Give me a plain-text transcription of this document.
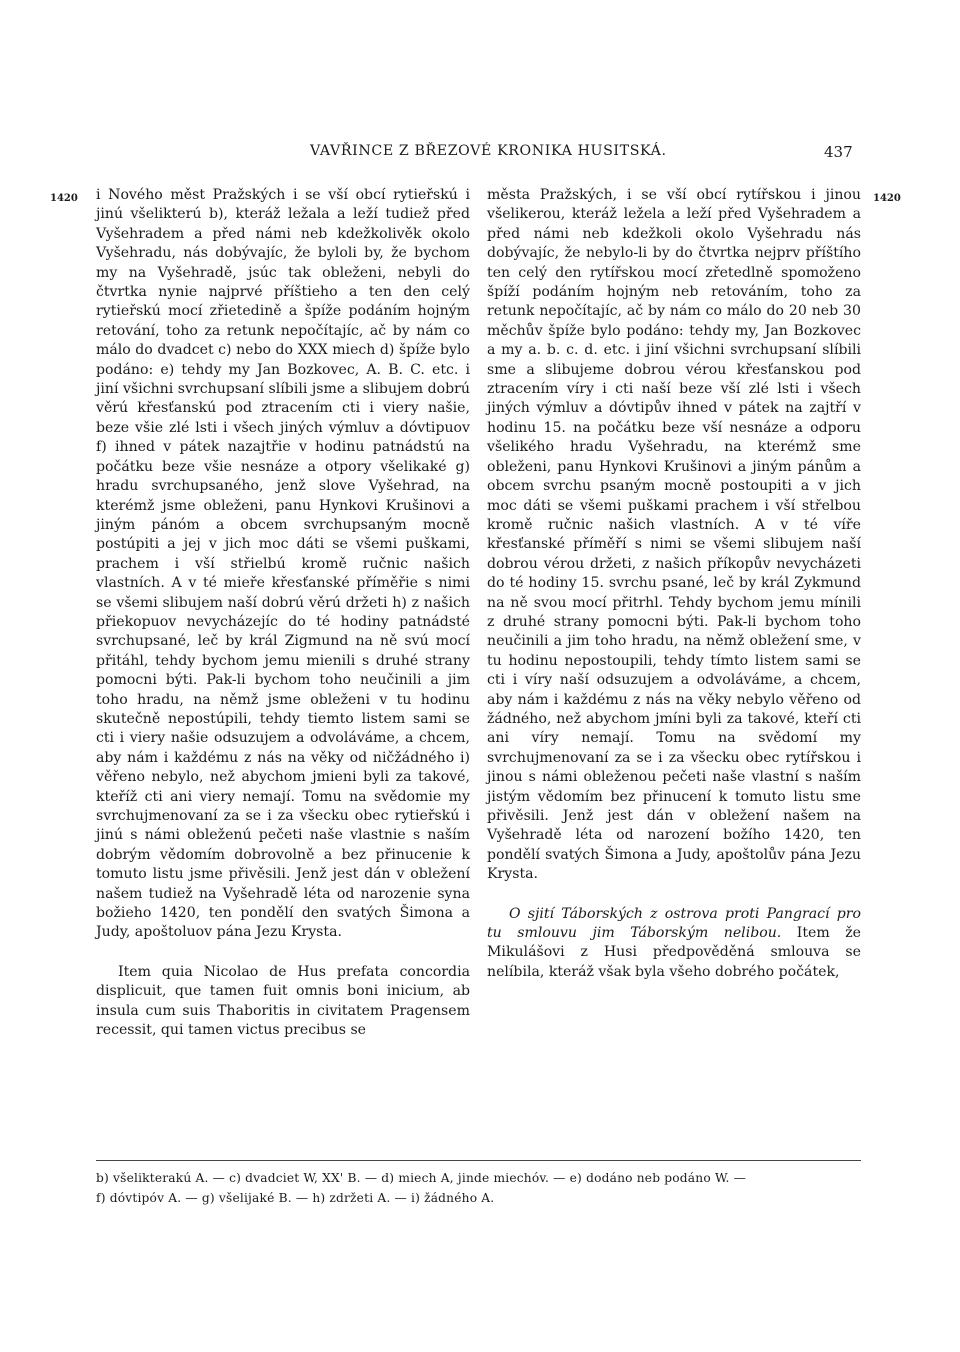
VAVŘINCE Z BŘEZOVÉ KRONIKA HUSITSKÁ.	437
1420	1420

i Nového měst Pražských i se vší obcí rytieřskú i jinú všelikterú b), kteráž ležala a leží tudiež před Vyšehradem a před námi neb kdežkolivěk okolo Vyšehradu, nás dobývajíc, že byloli by, že bychom my na Vyšehradě, jsúc tak obleženi, nebyli do čtvrtka nynie najprvé příštieho a ten den celý rytieřskú mocí zřietedině a špíže podáním hojným retování, toho za retunk nepočítajíc, ač by nám co málo do dvadcet c) nebo do XXX miech d) špíže bylo podáno: e) tehdy my Jan Bozkovec, A. B. C. etc. i jiní všichni svrchupsaní slíbili jsme a slibujem dobrú věrú křesťanskú pod ztracením cti i viery našie, beze všie zlé lsti i všech jiných výmluv a dóvtipuov f) ihned v pátek nazajtřie v hodinu patnádstú na počátku beze všie nesnáze a otpory všelikaké g) hradu svrchupsaného, jenž slove Vyšehrad, na kterémž jsme obleženi, panu Hynkovi Krušinovi a jiným pánóm a obcem svrchupsaným mocně postúpiti a jej v jich moc dáti se všemi puškami, prachem i vší střielbú kromě ručnic našich vlastních. A v té mieře křesťanské příměřie s nimi se všemi slibujem naší dobrú věrú držeti h) z našich přiekopuov nevycházejíc do té hodiny patnádsté svrchupsané, leč by král Zigmund na ně svú mocí přitáhl, tehdy bychom jemu mienili s druhé strany pomocni býti. Pak-li bychom toho neučinili a jim toho hradu, na němž jsme obleženi v tu hodinu skutečně nepostúpili, tehdy tiemto listem sami se cti i viery našie odsuzujem a odvoláváme, a chcem, aby nám i každému z nás na věky od ničžádného i) věřeno nebylo, než abychom jmieni byli za takové, kteříž cti ani viery nemají. Tomu na svědomie my svrchujmenovaní za se i za všecku obec rytieřskú i jinú s námi obleženú pečeti naše vlastnie s naším dobrým vědomím dobrovolně a bez přinucenie k tomuto listu jsme přivěsili. Jenž jest dán v obležení našem tudiež na Vyšehradě léta od narozenie syna božieho 1420, ten pondělí den svatých Šimona a Judy, apoštoluov pána Jezu Krysta.

Item quia Nicolao de Hus prefata concordia displicuit, que tamen fuit omnis boni inicium, ab insula cum suis Thaboritis in civitatem Pragensem recessit, qui tamen victus precibus se

města Pražských, i se vší obcí rytířskou i jinou všelikerou, kteráž ležela a leží před Vyšehradem a před námi neb kdežkoli okolo Vyšehradu nás dobývajíc, že nebylo-li by do čtvrtka nejprv příštího ten celý den rytířskou mocí zřetedlně spomoženo špíží podáním hojným neb retováním, toho za retunk nepočítajíc, ač by nám co málo do 20 neb 30 měchův špíže bylo podáno: tehdy my, Jan Bozkovec a my a. b. c. d. etc. i jiní všichni svrchupsaní slíbili sme a slibujeme dobrou vérou křesťanskou pod ztracením víry i cti naší beze vší zlé lsti i všech jiných výmluv a dóvtipův ihned v pátek na zajtří v hodinu 15. na počátku beze vší nesnáze a odporu všelikého hradu Vyšehradu, na kterémž sme obleženi, panu Hynkovi Krušinovi a jiným pánům a obcem svrchu psaným mocně postoupiti a v jich moc dáti se všemi puškami prachem i vší střelbou kromě ručnic našich vlastních. A v té víře křesťanské příměří s nimi se všemi slibujem naší dobrou vérou držeti, z našich příkopův nevycházeti do té hodiny 15. svrchu psané, leč by král Zykmund na ně svou mocí přitrhl. Tehdy bychom jemu mínili z druhé strany pomocni býti. Pak-li bychom toho neučinili a jim toho hradu, na němž obležení sme, v tu hodinu nepostoupili, tehdy tímto listem sami se cti i víry naší odsuzujem a odvoláváme, a chcem, aby nám i každému z nás na věky nebylo věřeno od žádného, než abychom jmíni byli za takové, kteří cti ani víry nemají. Tomu na svědomí my svrchujmenovaní za se i za všecku obec rytířskou i jinou s námi obleženou pečeti naše vlastní s naším jistým vědomím bez přinucení k tomuto listu sme přivěsili. Jenž jest dán v obležení našem na Vyšehradě léta od narození božího 1420, ten pondělí svatých Šimona a Judy, apoštolův pána Jezu Krysta.

O sjití Táborských z ostrova proti Pangrací pro tu smlouvu jim Táborským nelibou. Item že Mikulášovi z Husi předpověděná smlouva se nelíbila, kteráž však byla všeho dobrého počátek,

b) všelikterakú A. — c) dvadciet W, XX' B. — d) miech A, jinde miechóv. — e) dodáno neb podáno W. —
f) dóvtipóv A. — g) všelijaké B. — h) zdržeti A. — i) žádného A.
